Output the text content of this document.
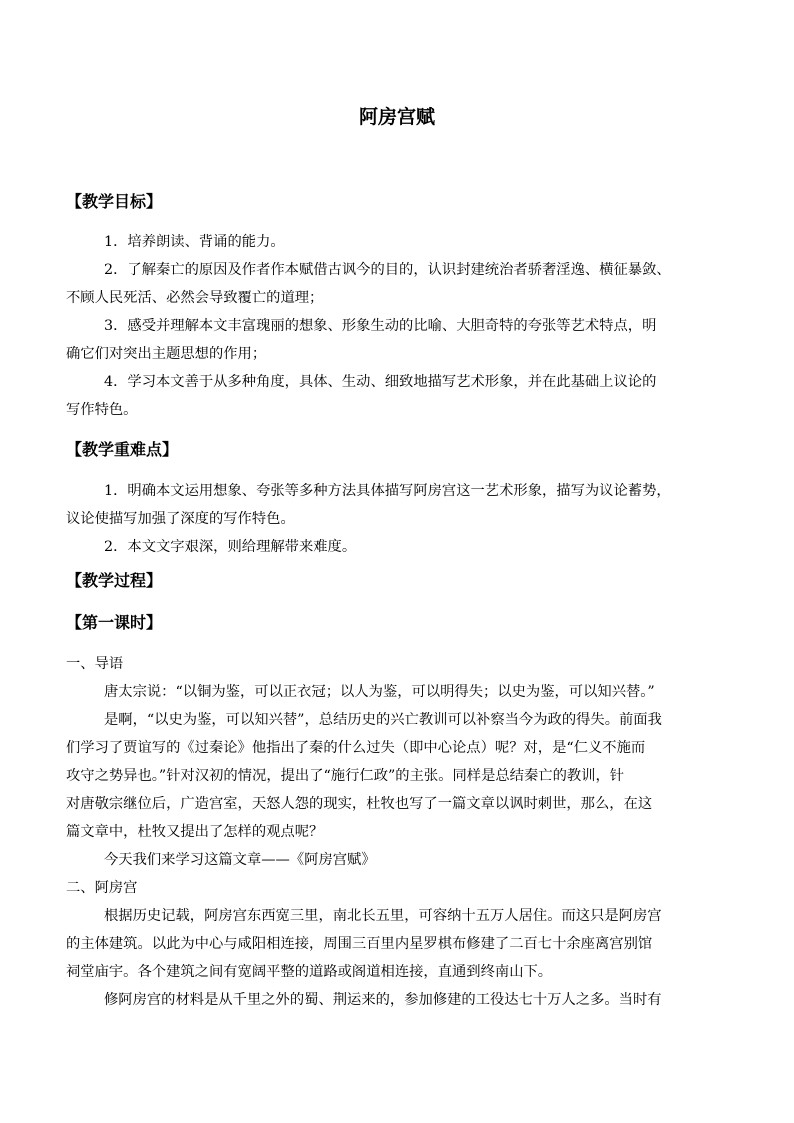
阿房宫赋
【教学目标】
1．培养朗读、背诵的能力。
2．了解秦亡的原因及作者作本赋借古讽今的目的，认识封建统治者骄奢淫逸、横征暴敛、
不顾人民死活、必然会导致覆亡的道理；
3．感受并理解本文丰富瑰丽的想象、形象生动的比喻、大胆奇特的夸张等艺术特点，明
确它们对突出主题思想的作用；
4．学习本文善于从多种角度，具体、生动、细致地描写艺术形象，并在此基础上议论的
写作特色。
【教学重难点】
1．明确本文运用想象、夸张等多种方法具体描写阿房宫这一艺术形象，描写为议论蓄势，
议论使描写加强了深度的写作特色。
2．本文文字艰深，则给理解带来难度。
【教学过程】
【第一课时】
一、导语
唐太宗说：“以铜为鉴，可以正衣冠；以人为鉴，可以明得失；以史为鉴，可以知兴替。”
是啊，“以史为鉴，可以知兴替”，总结历史的兴亡教训可以补察当今为政的得失。前面我
们学习了贾谊写的《过秦论》他指出了秦的什么过失（即中心论点）呢？对，是“仁义不施而
攻守之势异也。”针对汉初的情况，提出了“施行仁政”的主张。同样是总结秦亡的教训，针
对唐敬宗继位后，广造宫室，天怒人怨的现实，杜牧也写了一篇文章以讽时刺世，那么，在这
篇文章中，杜牧又提出了怎样的观点呢？
今天我们来学习这篇文章——《阿房宫赋》
二、阿房宫
根据历史记载，阿房宫东西宽三里，南北长五里，可容纳十五万人居住。而这只是阿房宫
的主体建筑。以此为中心与咸阳相连接，周围三百里内星罗棋布修建了二百七十余座离宫别馆
祠堂庙宇。各个建筑之间有宽阔平整的道路或阁道相连接，直通到终南山下。
修阿房宫的材料是从千里之外的蜀、荆运来的，参加修建的工役达七十万人之多。当时有
